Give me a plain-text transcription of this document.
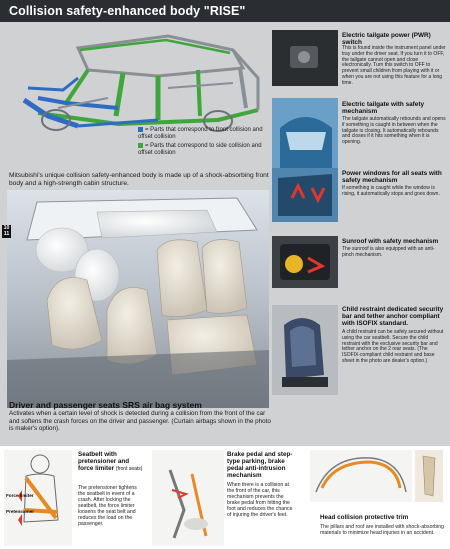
Collision safety-enhanced body "RISE"
= Parts that correspond to front collision and offset collision
= Parts that correspond to side collision and offset collision
Mitsubishi's unique collision safety-enhanced body is made up of a shock-absorbing front body and a high-strength cabin structure.
10
11
Driver and passenger seats SRS air bag system
Activates when a certain level of shock is detected during a collision from the front of the car and softens the crash forces on the driver and passenger. (Curtain airbags shown in the photo is maker's option).
Electric tailgate power (PWR) switch
This is found inside the instrument panel under tray under the driver seat. If you turn it to OFF, the tailgate cannot open and close electronically. Turn this switch to OFF to prevent small children from playing with it or when you are not using this feature for a long time.
Electric tailgate with safety mechanism
The tailgate automatically rebounds and opens if something is caught in between when the tailgate is closing. It automatically rebounds and closes if it hits something when it is opening.
Power windows for all seats with safety mechanism
If something is caught while the window is rising, it automatically stops and goes down.
Sunroof with safety mechanism
The sunroof is also equipped with an anti-pinch mechanism.
Child restraint dedicated security bar and tether anchor compliant with ISOFIX standard.
A child restraint can be safely secured without using the car seatbelt. Secure the child restraint with the exclusive security bar and tether anchor on the 2 rear seats. (The ISOFIX-compliant child restraint and base sheet in the photo are dealer's option.)
Force limiter
Pretensioner
Seatbelt with pretensioner and force limiter (front seats)
The pretensioner tightens the seatbelt in event of a crash. After locking the seatbelt, the force limiter loosens the seat belt and reduces the load on the passenger.
Brake pedal and step-type parking, brake pedal anti-intrusion mechanism
When there is a collision at the front of the car, this mechanism prevents the brake pedal from hitting the foot and reduces the chance of injuring the driver's feet.	Head collision protective trim
The pillars and roof are installed with shock-absorbing materials to minimize head injuries in an accident.
